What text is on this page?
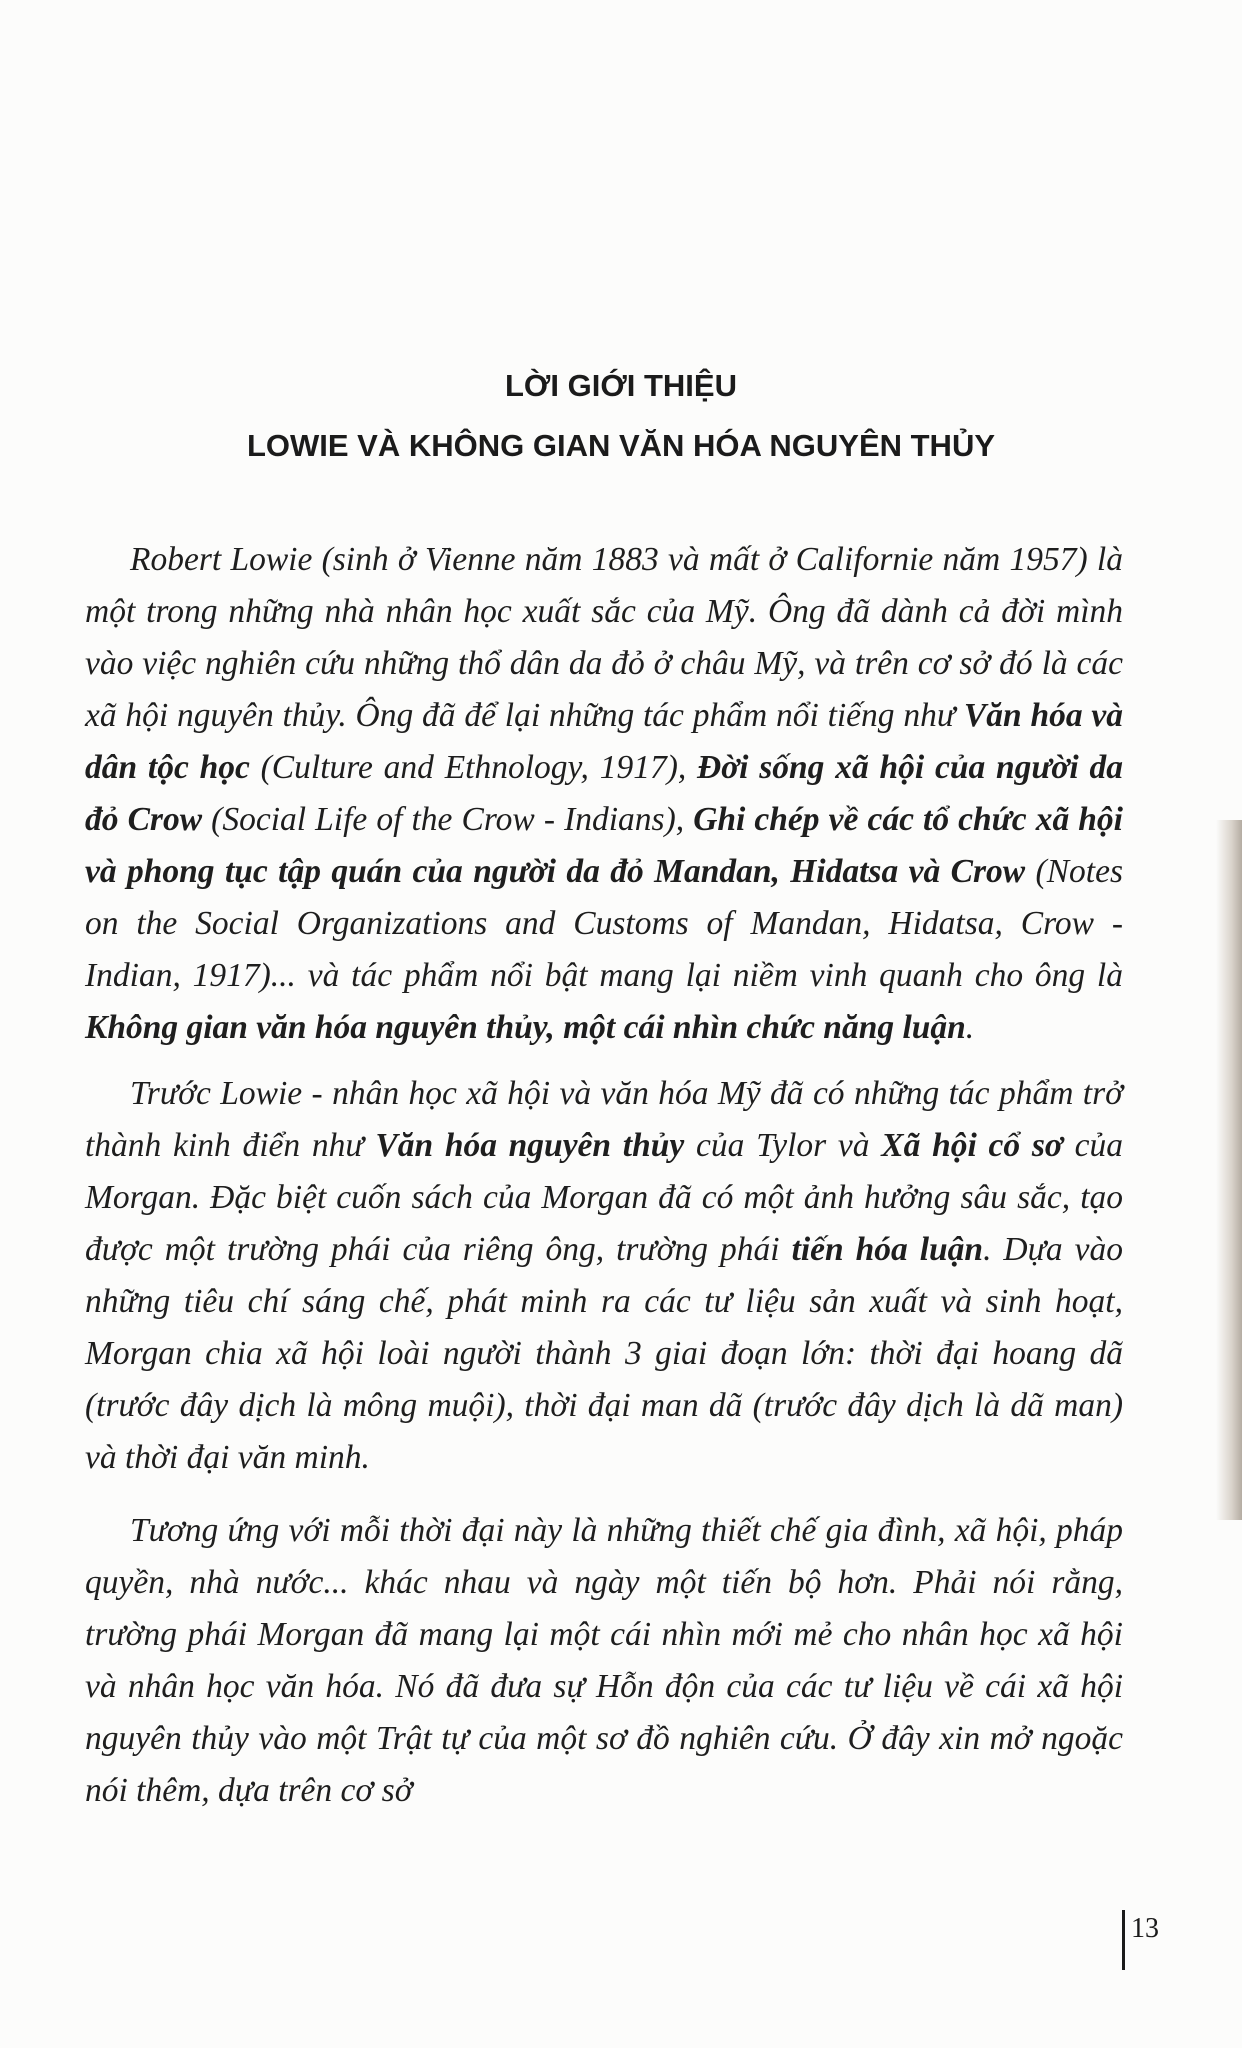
LỜI GIỚI THIỆU
LOWIE VÀ KHÔNG GIAN VĂN HÓA NGUYÊN THỦY

Robert Lowie (sinh ở Vienne năm 1883 và mất ở Californie năm 1957) là một trong những nhà nhân học xuất sắc của Mỹ. Ông đã dành cả đời mình vào việc nghiên cứu những thổ dân da đỏ ở châu Mỹ, và trên cơ sở đó là các xã hội nguyên thủy. Ông đã để lại những tác phẩm nổi tiếng như Văn hóa và dân tộc học (Culture and Ethnology, 1917), Đời sống xã hội của người da đỏ Crow (Social Life of the Crow - Indians), Ghi chép về các tổ chức xã hội và phong tục tập quán của người da đỏ Mandan, Hidatsa và Crow (Notes on the Social Organizations and Customs of Mandan, Hidatsa, Crow - Indian, 1917)... và tác phẩm nổi bật mang lại niềm vinh quanh cho ông là Không gian văn hóa nguyên thủy, một cái nhìn chức năng luận.

Trước Lowie - nhân học xã hội và văn hóa Mỹ đã có những tác phẩm trở thành kinh điển như Văn hóa nguyên thủy của Tylor và Xã hội cổ sơ của Morgan. Đặc biệt cuốn sách của Morgan đã có một ảnh hưởng sâu sắc, tạo được một trường phái của riêng ông, trường phái tiến hóa luận. Dựa vào những tiêu chí sáng chế, phát minh ra các tư liệu sản xuất và sinh hoạt, Morgan chia xã hội loài người thành 3 giai đoạn lớn: thời đại hoang dã (trước đây dịch là mông muội), thời đại man dã (trước đây dịch là dã man) và thời đại văn minh.

Tương ứng với mỗi thời đại này là những thiết chế gia đình, xã hội, pháp quyền, nhà nước... khác nhau và ngày một tiến bộ hơn. Phải nói rằng, trường phái Morgan đã mang lại một cái nhìn mới mẻ cho nhân học xã hội và nhân học văn hóa. Nó đã đưa sự Hỗn độn của các tư liệu về cái xã hội nguyên thủy vào một Trật tự của một sơ đồ nghiên cứu. Ở đây xin mở ngoặc nói thêm, dựa trên cơ sở

13
